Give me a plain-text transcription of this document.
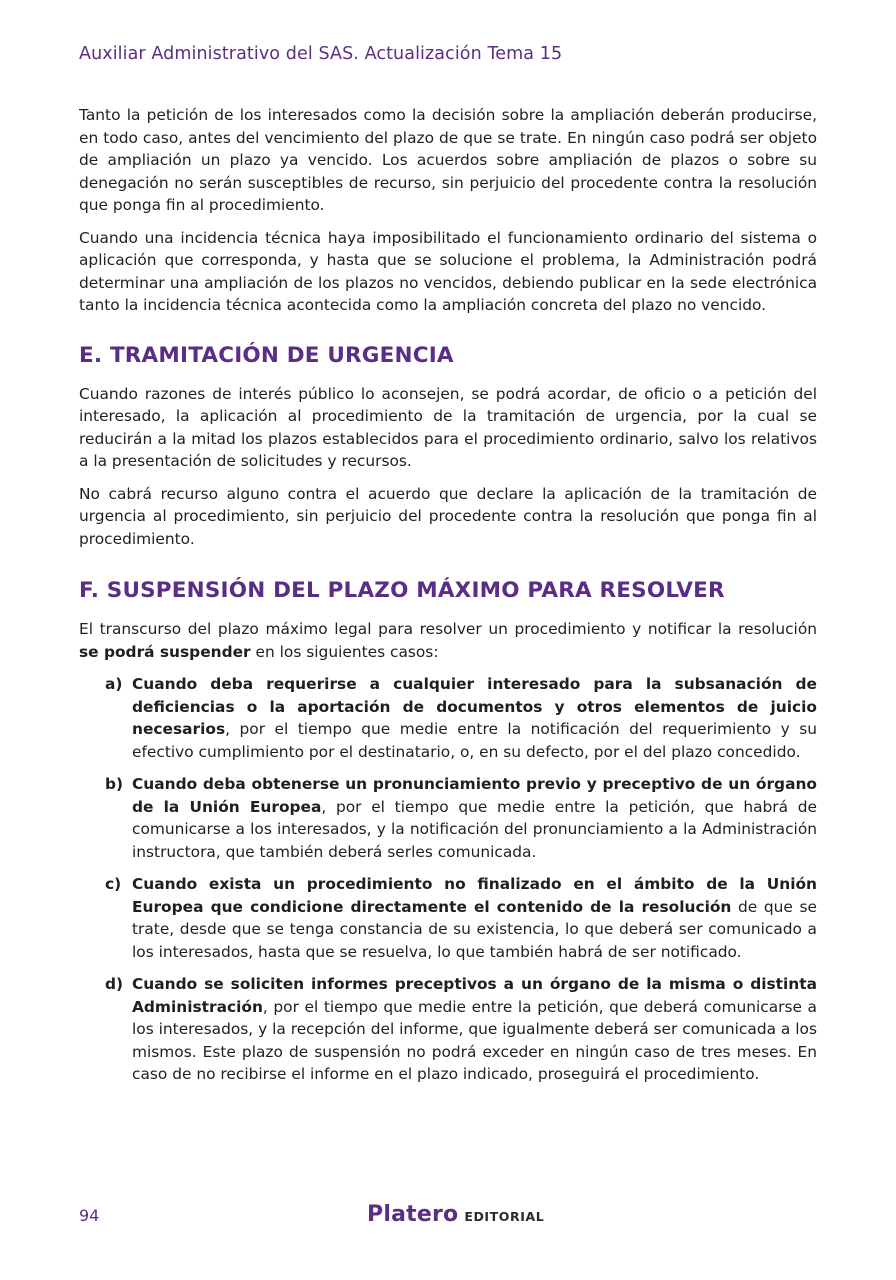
Auxiliar Administrativo del SAS. Actualización Tema 15

Tanto la petición de los interesados como la decisión sobre la ampliación deberán producirse, en todo caso, antes del vencimiento del plazo de que se trate. En ningún caso podrá ser objeto de ampliación un plazo ya vencido. Los acuerdos sobre ampliación de plazos o sobre su denegación no serán susceptibles de recurso, sin perjuicio del procedente contra la resolución que ponga fin al procedimiento.

Cuando una incidencia técnica haya imposibilitado el funcionamiento ordinario del sistema o aplicación que corresponda, y hasta que se solucione el problema, la Administración podrá determinar una ampliación de los plazos no vencidos, debiendo publicar en la sede electrónica tanto la incidencia técnica acontecida como la ampliación concreta del plazo no vencido.

E. TRAMITACIÓN DE URGENCIA

Cuando razones de interés público lo aconsejen, se podrá acordar, de oficio o a petición del interesado, la aplicación al procedimiento de la tramitación de urgencia, por la cual se reducirán a la mitad los plazos establecidos para el procedimiento ordinario, salvo los relativos a la presentación de solicitudes y recursos.

No cabrá recurso alguno contra el acuerdo que declare la aplicación de la tramitación de urgencia al procedimiento, sin perjuicio del procedente contra la resolución que ponga fin al procedimiento.

F. SUSPENSIÓN DEL PLAZO MÁXIMO PARA RESOLVER

El transcurso del plazo máximo legal para resolver un procedimiento y notificar la resolución se podrá suspender en los siguientes casos:

a) Cuando deba requerirse a cualquier interesado para la subsanación de deficiencias o la aportación de documentos y otros elementos de juicio necesarios, por el tiempo que medie entre la notificación del requerimiento y su efectivo cumplimiento por el destinatario, o, en su defecto, por el del plazo concedido.
b) Cuando deba obtenerse un pronunciamiento previo y preceptivo de un órgano de la Unión Europea, por el tiempo que medie entre la petición, que habrá de comunicarse a los interesados, y la notificación del pronunciamiento a la Administración instructora, que también deberá serles comunicada.
c) Cuando exista un procedimiento no finalizado en el ámbito de la Unión Europea que condicione directamente el contenido de la resolución de que se trate, desde que se tenga constancia de su existencia, lo que deberá ser comunicado a los interesados, hasta que se resuelva, lo que también habrá de ser notificado.
d) Cuando se soliciten informes preceptivos a un órgano de la misma o distinta Administración, por el tiempo que medie entre la petición, que deberá comunicarse a los interesados, y la recepción del informe, que igualmente deberá ser comunicada a los mismos. Este plazo de suspensión no podrá exceder en ningún caso de tres meses. En caso de no recibirse el informe en el plazo indicado, proseguirá el procedimiento.
94	Platero EDITORIAL
